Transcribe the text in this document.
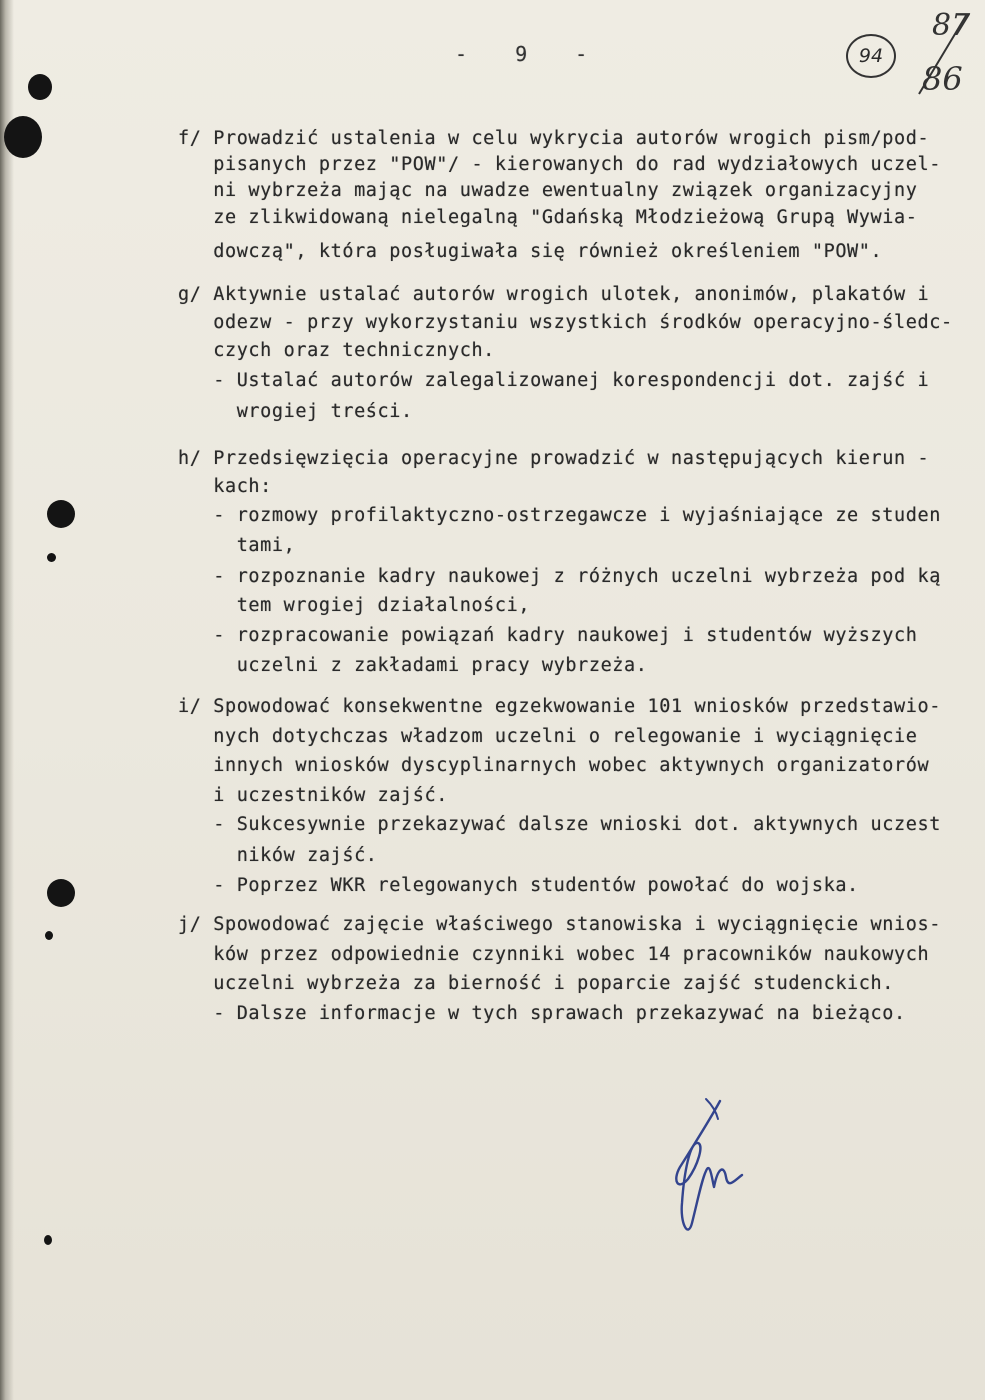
- 9 -	94
87
86

f/ Prowadzić ustalenia w celu wykrycia autorów wrogich pism/pod-

pisanych przez "POW"/ - kierowanych do rad wydziałowych uczel-

ni wybrzeża mając na uwadze ewentualny związek organizacyjny

ze zlikwidowaną nielegalną "Gdańską Młodzieżową Grupą Wywia-

dowczą", która posługiwała się również określeniem "POW".

g/ Aktywnie ustalać autorów wrogich ulotek, anonimów, plakatów i

odezw - przy wykorzystaniu wszystkich środków operacyjno-śledc-

czych oraz technicznych.

- Ustalać autorów zalegalizowanej korespondencji dot. zajść i

wrogiej treści.

h/ Przedsięwzięcia operacyjne prowadzić w następujących kierun -

kach:

- rozmowy profilaktyczno-ostrzegawcze i wyjaśniające ze studen

tami,

- rozpoznanie kadry naukowej z różnych uczelni wybrzeża pod ką

tem wrogiej działalności,

- rozpracowanie powiązań kadry naukowej i studentów wyższych

uczelni z zakładami pracy wybrzeża.

i/ Spowodować konsekwentne egzekwowanie 101 wniosków przedstawio-

nych dotychczas władzom uczelni o relegowanie i wyciągnięcie

innych wniosków dyscyplinarnych wobec aktywnych organizatorów

i uczestników zajść.

- Sukcesywnie przekazywać dalsze wnioski dot. aktywnych uczest

ników zajść.

- Poprzez WKR relegowanych studentów powołać do wojska.

j/ Spowodować zajęcie właściwego stanowiska i wyciągnięcie wnios-

ków przez odpowiednie czynniki wobec 14 pracowników naukowych

uczelni wybrzeża za bierność i poparcie zajść studenckich.

- Dalsze informacje w tych sprawach przekazywać na bieżąco.
